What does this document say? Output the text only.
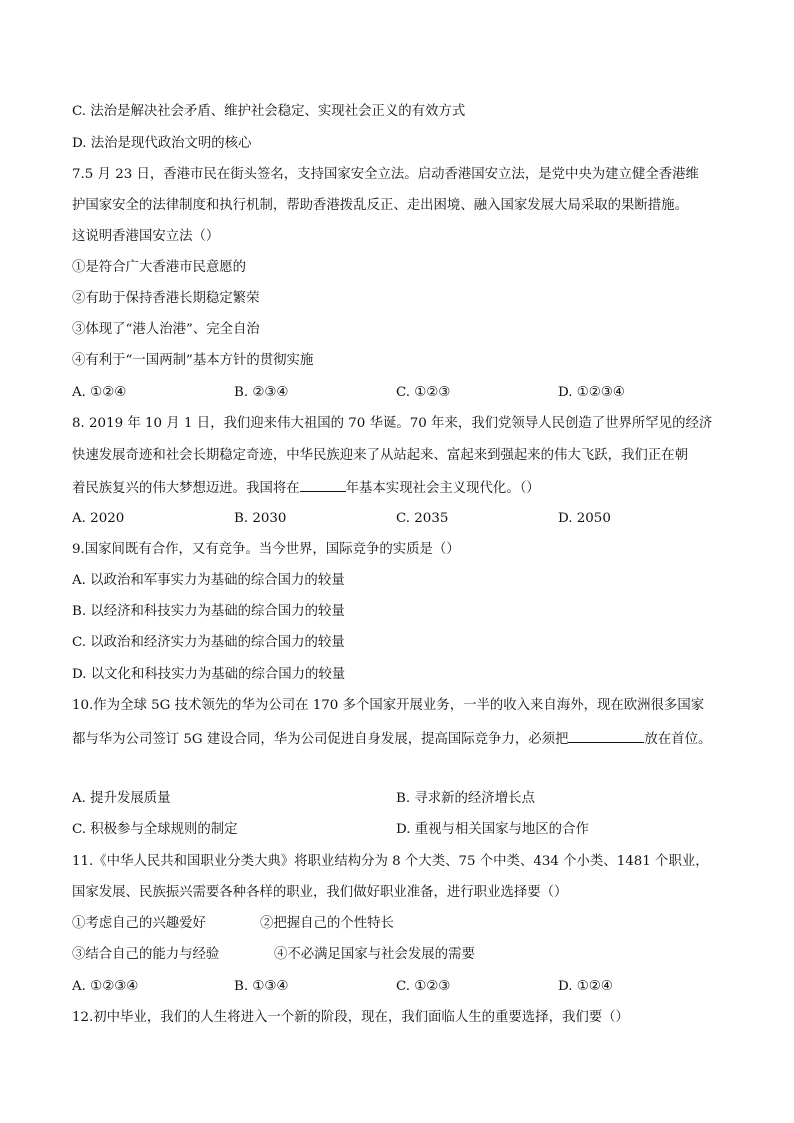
C. 法治是解决社会矛盾、维护社会稳定、实现社会正义的有效方式
D. 法治是现代政治文明的核心
7.5 月 23 日，香港市民在街头签名，支持国家安全立法。启动香港国安立法，是党中央为建立健全香港维
护国家安全的法律制度和执行机制，帮助香港拨乱反正、走出困境、融入国家发展大局采取的果断措施。
这说明香港国安立法（）
①是符合广大香港市民意愿的
②有助于保持香港长期稳定繁荣
③体现了“港人治港”、完全自治
④有利于“一国两制”基本方针的贯彻实施
A. ①②④	B. ②③④	C. ①②③	D. ①②③④
8. 2019 年 10 月 1 日，我们迎来伟大祖国的 70 华诞。70 年来，我们党领导人民创造了世界所罕见的经济
快速发展奇迹和社会长期稳定奇迹，中华民族迎来了从站起来、富起来到强起来的伟大飞跃，我们正在朝
着民族复兴的伟大梦想迈进。我国将在	年基本实现社会主义现代化。（）
A. 2020	B. 2030	C. 2035	D. 2050
9.国家间既有合作，又有竞争。当今世界，国际竞争的实质是（）
A. 以政治和军事实力为基础的综合国力的较量
B. 以经济和科技实力为基础的综合国力的较量
C. 以政治和经济实力为基础的综合国力的较量
D. 以文化和科技实力为基础的综合国力的较量
10.作为全球 5G 技术领先的华为公司在 170 多个国家开展业务，一半的收入来自海外，现在欧洲很多国家
都与华为公司签订 5G 建设合同，华为公司促进自身发展，提高国际竞争力，必须把	放在首位。
A. 提升发展质量	B. 寻求新的经济增长点
C. 积极参与全球规则的制定	D. 重视与相关国家与地区的合作
11.《中华人民共和国职业分类大典》将职业结构分为 8 个大类、75 个中类、434 个小类、1481 个职业，
国家发展、民族振兴需要各种各样的职业，我们做好职业准备，进行职业选择要（）
①考虑自己的兴趣爱好	②把握自己的个性特长
③结合自己的能力与经验	④不必满足国家与社会发展的需要
A. ①②③④	B. ①③④	C. ①②③	D. ①②④
12.初中毕业，我们的人生将进入一个新的阶段，现在，我们面临人生的重要选择，我们要（）
